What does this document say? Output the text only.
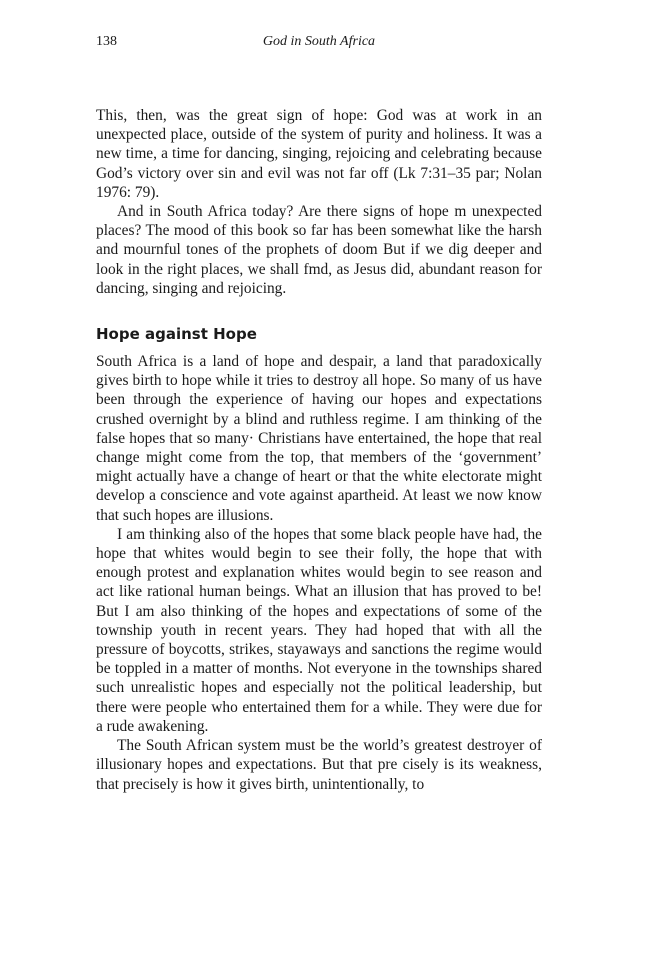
138	God in South Africa

This, then, was the great sign of hope: God was at work in an unexpected place, outside of the system of purity and holiness. It was a new time, a time for dancing, singing, rejoicing and celebrating because God’s victory over sin and evil was not far off (Lk 7:31–35 par; Nolan 1976: 79).

And in South Africa today? Are there signs of hope m unexpected places? The mood of this book so far has been somewhat like the harsh and mournful tones of the prophets of doom But if we dig deeper and look in the right places, we shall fmd, as Jesus did, abundant reason for dancing, singing and rejoicing.

Hope against Hope

South Africa is a land of hope and despair, a land that paradoxically gives birth to hope while it tries to destroy all hope. So many of us have been through the experience of having our hopes and expectations crushed overnight by a blind and ruthless regime. I am thinking of the false hopes that so many· Christians have entertained, the hope that real change might come from the top, that members of the ‘government’ might actually have a change of heart or that the white electorate might develop a conscience and vote against apartheid. At least we now know that such hopes are illusions.

I am thinking also of the hopes that some black people have had, the hope that whites would begin to see their folly, the hope that with enough protest and explanation whites would begin to see reason and act like rational human beings. What an illusion that has proved to be! But I am also thinking of the hopes and expectations of some of the township youth in recent years. They had hoped that with all the pressure of boycotts, strikes, stayaways and sanctions the regime would be toppled in a matter of months. Not everyone in the townships shared such unrealistic hopes and especially not the political leadership, but there were people who entertained them for a while. They were due for a rude awakening.

The South African system must be the world’s greatest destroyer of illusionary hopes and expectations. But that pre cisely is its weakness, that precisely is how it gives birth, unintentionally, to
